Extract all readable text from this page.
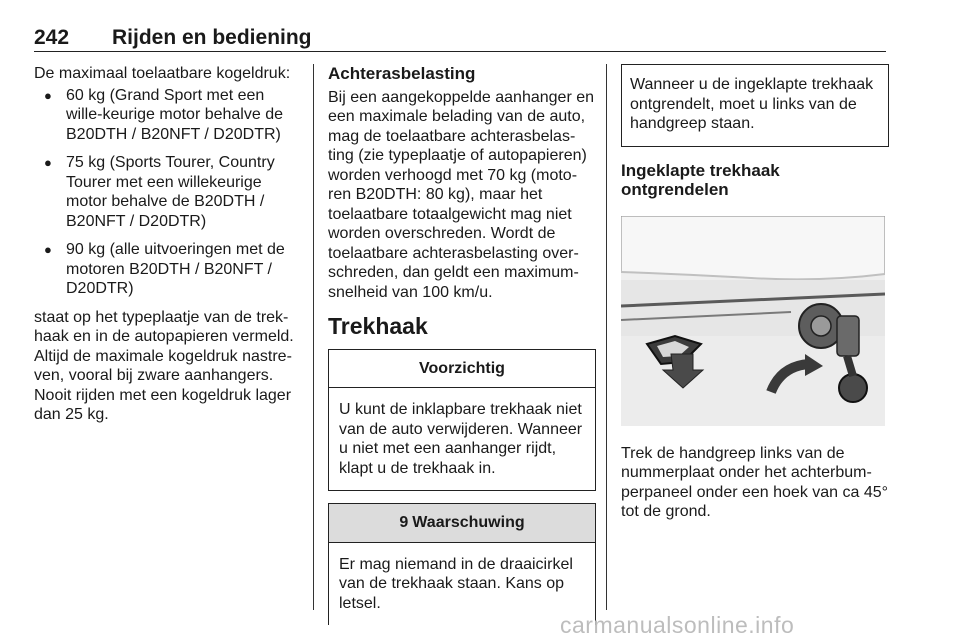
242 Rijden en bediening

De maximaal toelaatbare kogeldruk:

● 60 kg (Grand Sport met een wille-keurige motor behalve de B20DTH / B20NFT / D20DTR)
● 75 kg (Sports Tourer, Country Tourer met een willekeurige motor behalve de B20DTH / B20NFT / D20DTR)
● 90 kg (alle uitvoeringen met de motoren B20DTH / B20NFT / D20DTR)

staat op het typeplaatje van de trek-haak en in de autopapieren vermeld. Altijd de maximale kogeldruk nastre-ven, vooral bij zware aanhangers. Nooit rijden met een kogeldruk lager dan 25 kg.

Achterasbelasting

Bij een aangekoppelde aanhanger en een maximale belading van de auto, mag de toelaatbare achterasbelas-ting (zie typeplaatje of autopapieren) worden verhoogd met 70 kg (moto-ren B20DTH: 80 kg), maar het toelaatbare totaalgewicht mag niet worden overschreden. Wordt de toelaatbare achterasbelasting over-schreden, dan geldt een maximum-snelheid van 100 km/u.

Trekhaak
Voorzichtig
U kunt de inklapbare trekhaak niet van de auto verwijderen. Wanneer u niet met een aanhanger rijdt, klapt u de trekhaak in.
9 Waarschuwing
Er mag niemand in de draaicirkel van de trekhaak staan. Kans op letsel.
Wanneer u de ingeklapte trekhaak ontgrendelt, moet u links van de handgreep staan.
Ingeklapte trekhaak ontgrendelen

Trek de handgreep links van de nummerplaat onder het achterbum-perpaneel onder een hoek van ca 45° tot de grond.

carmanualsonline.info
